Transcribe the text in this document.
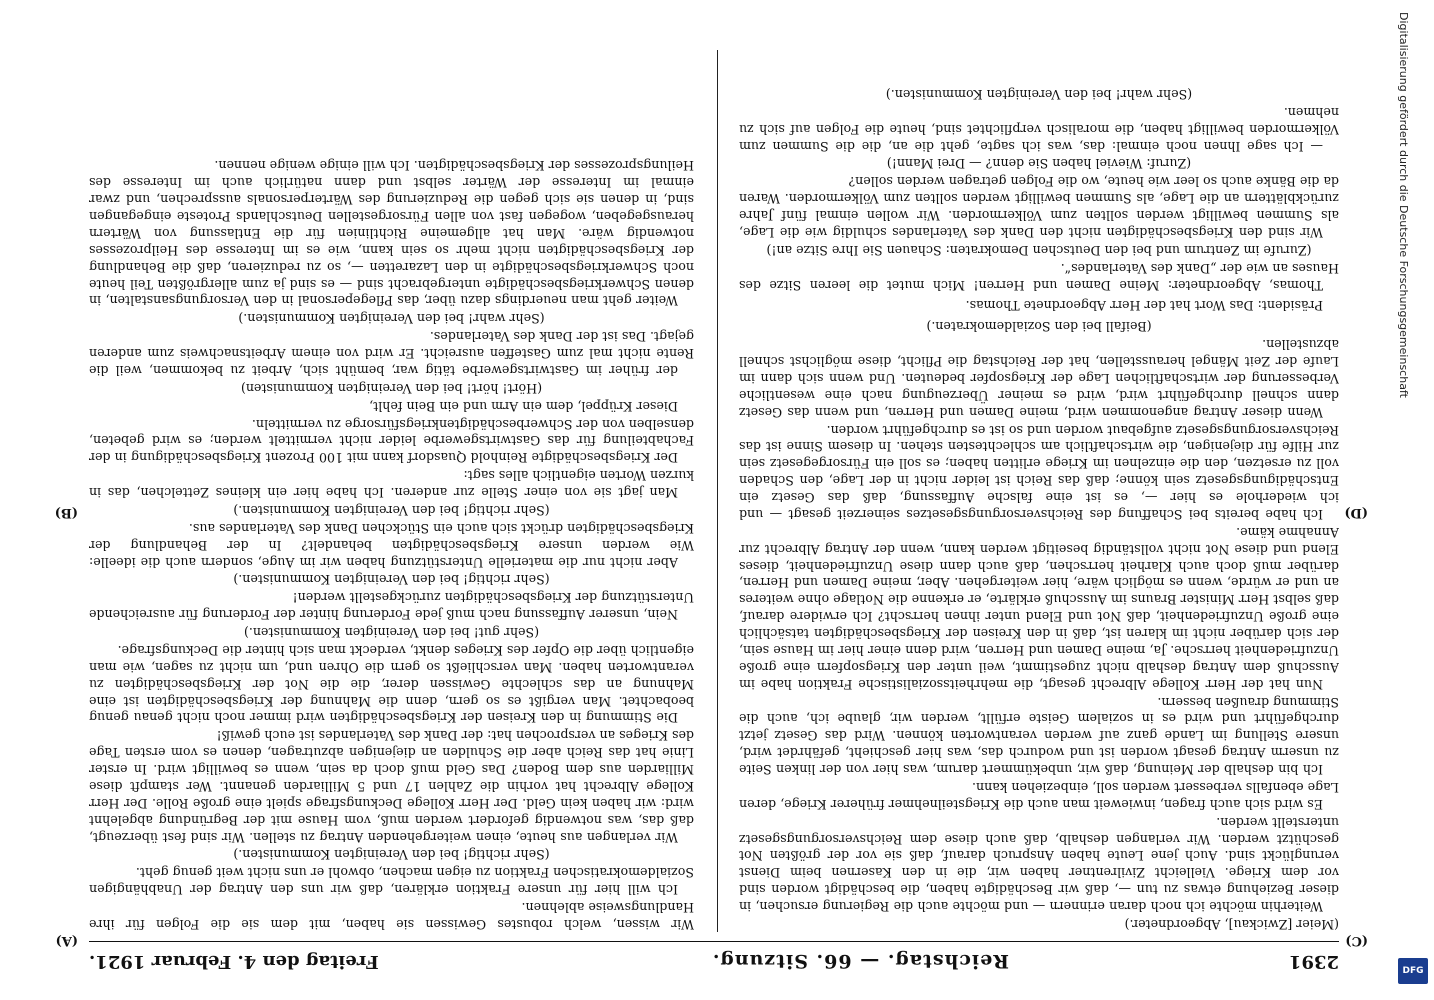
2391
Reichstag. — 66. Sitzung.
Freitag den 4. Februar 1921.
(C)
(D)
(A)
(B)

(Meier [Zwickau], Abgeordneter.)

Weiterhin möchte ich noch daran erinnern — und möchte auch die Regierung ersuchen, in dieser Beziehung etwas zu tun —, daß wir Beschädigte haben, die beschädigt worden sind vor dem Kriege. Vielleicht Zivilrentner haben wir, die in den Kasernen beim Dienst verunglückt sind. Auch jene Leute haben Anspruch darauf, daß sie vor der größten Not geschützt werden. Wir verlangen deshalb, daß auch diese dem Reichsversorgungsgesetz unterstellt werden.

Es wird sich auch fragen, inwieweit man auch die Kriegsteilnehmer früherer Kriege, deren Lage ebenfalls verbessert werden soll, einbeziehen kann.

Ich bin deshalb der Meinung, daß wir, unbekümmert darum, was hier von der linken Seite zu unserm Antrag gesagt worden ist und wodurch das, was hier geschieht, gefährdet wird, unsere Stellung im Lande ganz auf werden verantworten können. Wird das Gesetz jetzt durchgeführt und wird es in sozialem Geiste erfüllt, werden wir, glaube ich, auch die Stimmung draußen bessern.

Nun hat der Herr Kollege Albrecht gesagt, die mehrheitssozialistische Fraktion habe im Ausschuß dem Antrag deshalb nicht zugestimmt, weil unter den Kriegsopfern eine große Unzufriedenheit herrsche. Ja, meine Damen und Herren, wird denn einer hier im Hause sein, der sich darüber nicht im klaren ist, daß in den Kreisen der Kriegsbeschädigten tatsächlich eine große Unzufriedenheit, daß Not und Elend unter ihnen herrscht? Ich erwidere darauf, daß selbst Herr Minister Brauns im Ausschuß erklärte, er erkenne die Notlage ohne weiteres an und er würde, wenn es möglich wäre, hier weitergehen. Aber, meine Damen und Herren, darüber muß doch auch Klarheit herrschen, daß auch dann diese Unzufriedenheit, dieses Elend und diese Not nicht vollständig beseitigt werden kann, wenn der Antrag Albrecht zur Annahme käme.

Ich habe bereits bei Schaffung des Reichsversorgungsgesetzes seinerzeit gesagt — und ich wiederhole es hier —, es ist eine falsche Auffassung, daß das Gesetz ein Entschädigungsgesetz sein könne; daß das Reich ist leider nicht in der Lage, den Schaden voll zu ersetzen, den die einzelnen im Kriege erlitten haben; es soll ein Fürsorgegesetz sein zur Hilfe für diejenigen, die wirtschaftlich am schlechtesten stehen. In diesem Sinne ist das Reichsversorgungsgesetz aufgebaut worden und so ist es durchgeführt worden.

Wenn dieser Antrag angenommen wird, meine Damen und Herren, und wenn das Gesetz dann schnell durchgeführt wird, wird es meiner Überzeugung nach eine wesentliche Verbesserung der wirtschaftlichen Lage der Kriegsopfer bedeuten. Und wenn sich dann im Laufe der Zeit Mängel herausstellen, hat der Reichstag die Pflicht, diese möglichst schnell abzustellen.

(Beifall bei den Sozialdemokraten.)

Präsident: Das Wort hat der Herr Abgeordnete Thomas.

Thomas, Abgeordneter: Meine Damen und Herren! Mich mutet die leeren Sitze des Hauses an wie der „Dank des Vaterlandes“.

(Zurufe im Zentrum und bei den Deutschen Demokraten: Schauen Sie Ihre Sitze an!)

Wir sind den Kriegsbeschädigten nicht den Dank des Vaterlandes schuldig wie die Lage, als Summen bewilligt werden sollten zum Völkermorden. Wir wollen einmal fünf Jahre zurückblättern an die Lage, als Summen bewilligt werden sollten zum Völkermorden. Waren da die Bänke auch so leer wie heute, wo die Folgen getragen werden sollen?

(Zuruf: Wieviel haben Sie denn? — Drei Mann!)

— Ich sage Ihnen noch einmal: das, was ich sagte, geht die an, die die Summen zum Völkermorden bewilligt haben, die moralisch verpflichtet sind, heute die Folgen auf sich zu nehmen.

(Sehr wahr! bei den Vereinigten Kommunisten.)

Wir wissen, welch robustes Gewissen sie haben, mit dem sie die Folgen für ihre Handlungsweise ablehnen.

Ich will hier für unsere Fraktion erklären, daß wir uns den Antrag der Unabhängigen Sozialdemokratischen Fraktion zu eigen machen, obwohl er uns nicht weit genug geht.

(Sehr richtig! bei den Vereinigten Kommunisten.)

Wir verlangen aus heute, einen weitergehenden Antrag zu stellen. Wir sind fest überzeugt, daß das, was notwendig gefordert werden muß, vom Hause mit der Begründung abgelehnt wird: wir haben kein Geld. Der Herr Kollege Deckungsfrage spielt eine große Rolle. Der Herr Kollege Albrecht hat vorhin die Zahlen 17 und 5 Milliarden genannt. Wer stampft diese Milliarden aus dem Boden? Das Geld muß doch da sein, wenn es bewilligt wird. In erster Linie hat das Reich aber die Schulden an diejenigen abzutragen, denen es vom ersten Tage des Krieges an versprochen hat: der Dank des Vaterlandes ist euch gewiß!

Die Stimmung in den Kreisen der Kriegsbeschädigten wird immer noch nicht genau genug beobachtet. Man vergißt es so gern, denn die Mahnung der Kriegsbeschädigten ist eine Mahnung an das schlechte Gewissen derer, die die Not der Kriegsbeschädigten zu verantworten haben. Man verschließt so gern die Ohren und, um nicht zu sagen, wie man eigentlich über die Opfer des Krieges denkt, verdeckt man sich hinter die Deckungsfrage.

(Sehr gut! bei den Vereinigten Kommunisten.)

Nein, unserer Auffassung nach muß jede Forderung hinter der Forderung für ausreichende Unterstützung der Kriegsbeschädigten zurückgestellt werden!

(Sehr richtig! bei den Vereinigten Kommunisten.)

Aber nicht nur die materielle Unterstützung haben wir im Auge, sondern auch die ideelle: Wie werden unsere Kriegsbeschädigten behandelt? In der Behandlung der Kriegsbeschädigten drückt sich auch ein Stückchen Dank des Vaterlandes aus.

(Sehr richtig! bei den Vereinigten Kommunisten.)

Man jagt sie von einer Stelle zur anderen. Ich habe hier ein kleines Zettelchen, das in kurzen Worten eigentlich alles sagt:

Der Kriegsbeschädigte Reinhold Quasdorf kann mit 100 Prozent Kriegsbeschädigung in der Fachabteilung für das Gastwirtsgewerbe leider nicht vermittelt werden; es wird gebeten, denselben von der Schwerbeschädigtenkriegsfürsorge zu vermitteln.

Dieser Krüppel, dem ein Arm und ein Bein fehlt,

(Hört! hört! bei den Vereinigten Kommunisten)

der früher im Gastwirtsgewerbe tätig war, bemüht sich, Arbeit zu bekommen, weil die Rente nicht mal zum Gasteffen ausreicht. Er wird von einem Arbeitsnachweis zum anderen gejagt. Das ist der Dank des Vaterlandes.

(Sehr wahr! bei den Vereinigten Kommunisten.)

Weiter geht man neuerdings dazu über, das Pflegepersonal in den Versorgungsanstalten, in denen Schwerkriegsbeschädigte untergebracht sind — es sind ja zum allergrößten Teil heute noch Schwerkriegsbeschädigte in den Lazaretten —, so zu reduzieren, daß die Behandlung der Kriegsbeschädigten nicht mehr so sein kann, wie es im Interesse des Heilprozesses notwendig wäre. Man hat allgemeine Richtlinien für die Entlassung von Wärtern herausgegeben, wogegen fast von allen Fürsorgestellen Deutschlands Proteste eingegangen sind, in denen sie sich gegen die Reduzierung des Wärterpersonals aussprechen, und zwar einmal im Interesse der Wärter selbst und dann natürlich auch im Interesse des Heilungsprozesses der Kriegsbeschädigten. Ich will einige wenige nennen.	Digitalisierung gefördert durch die Deutsche Forschungsgemeinschaft
DFG
